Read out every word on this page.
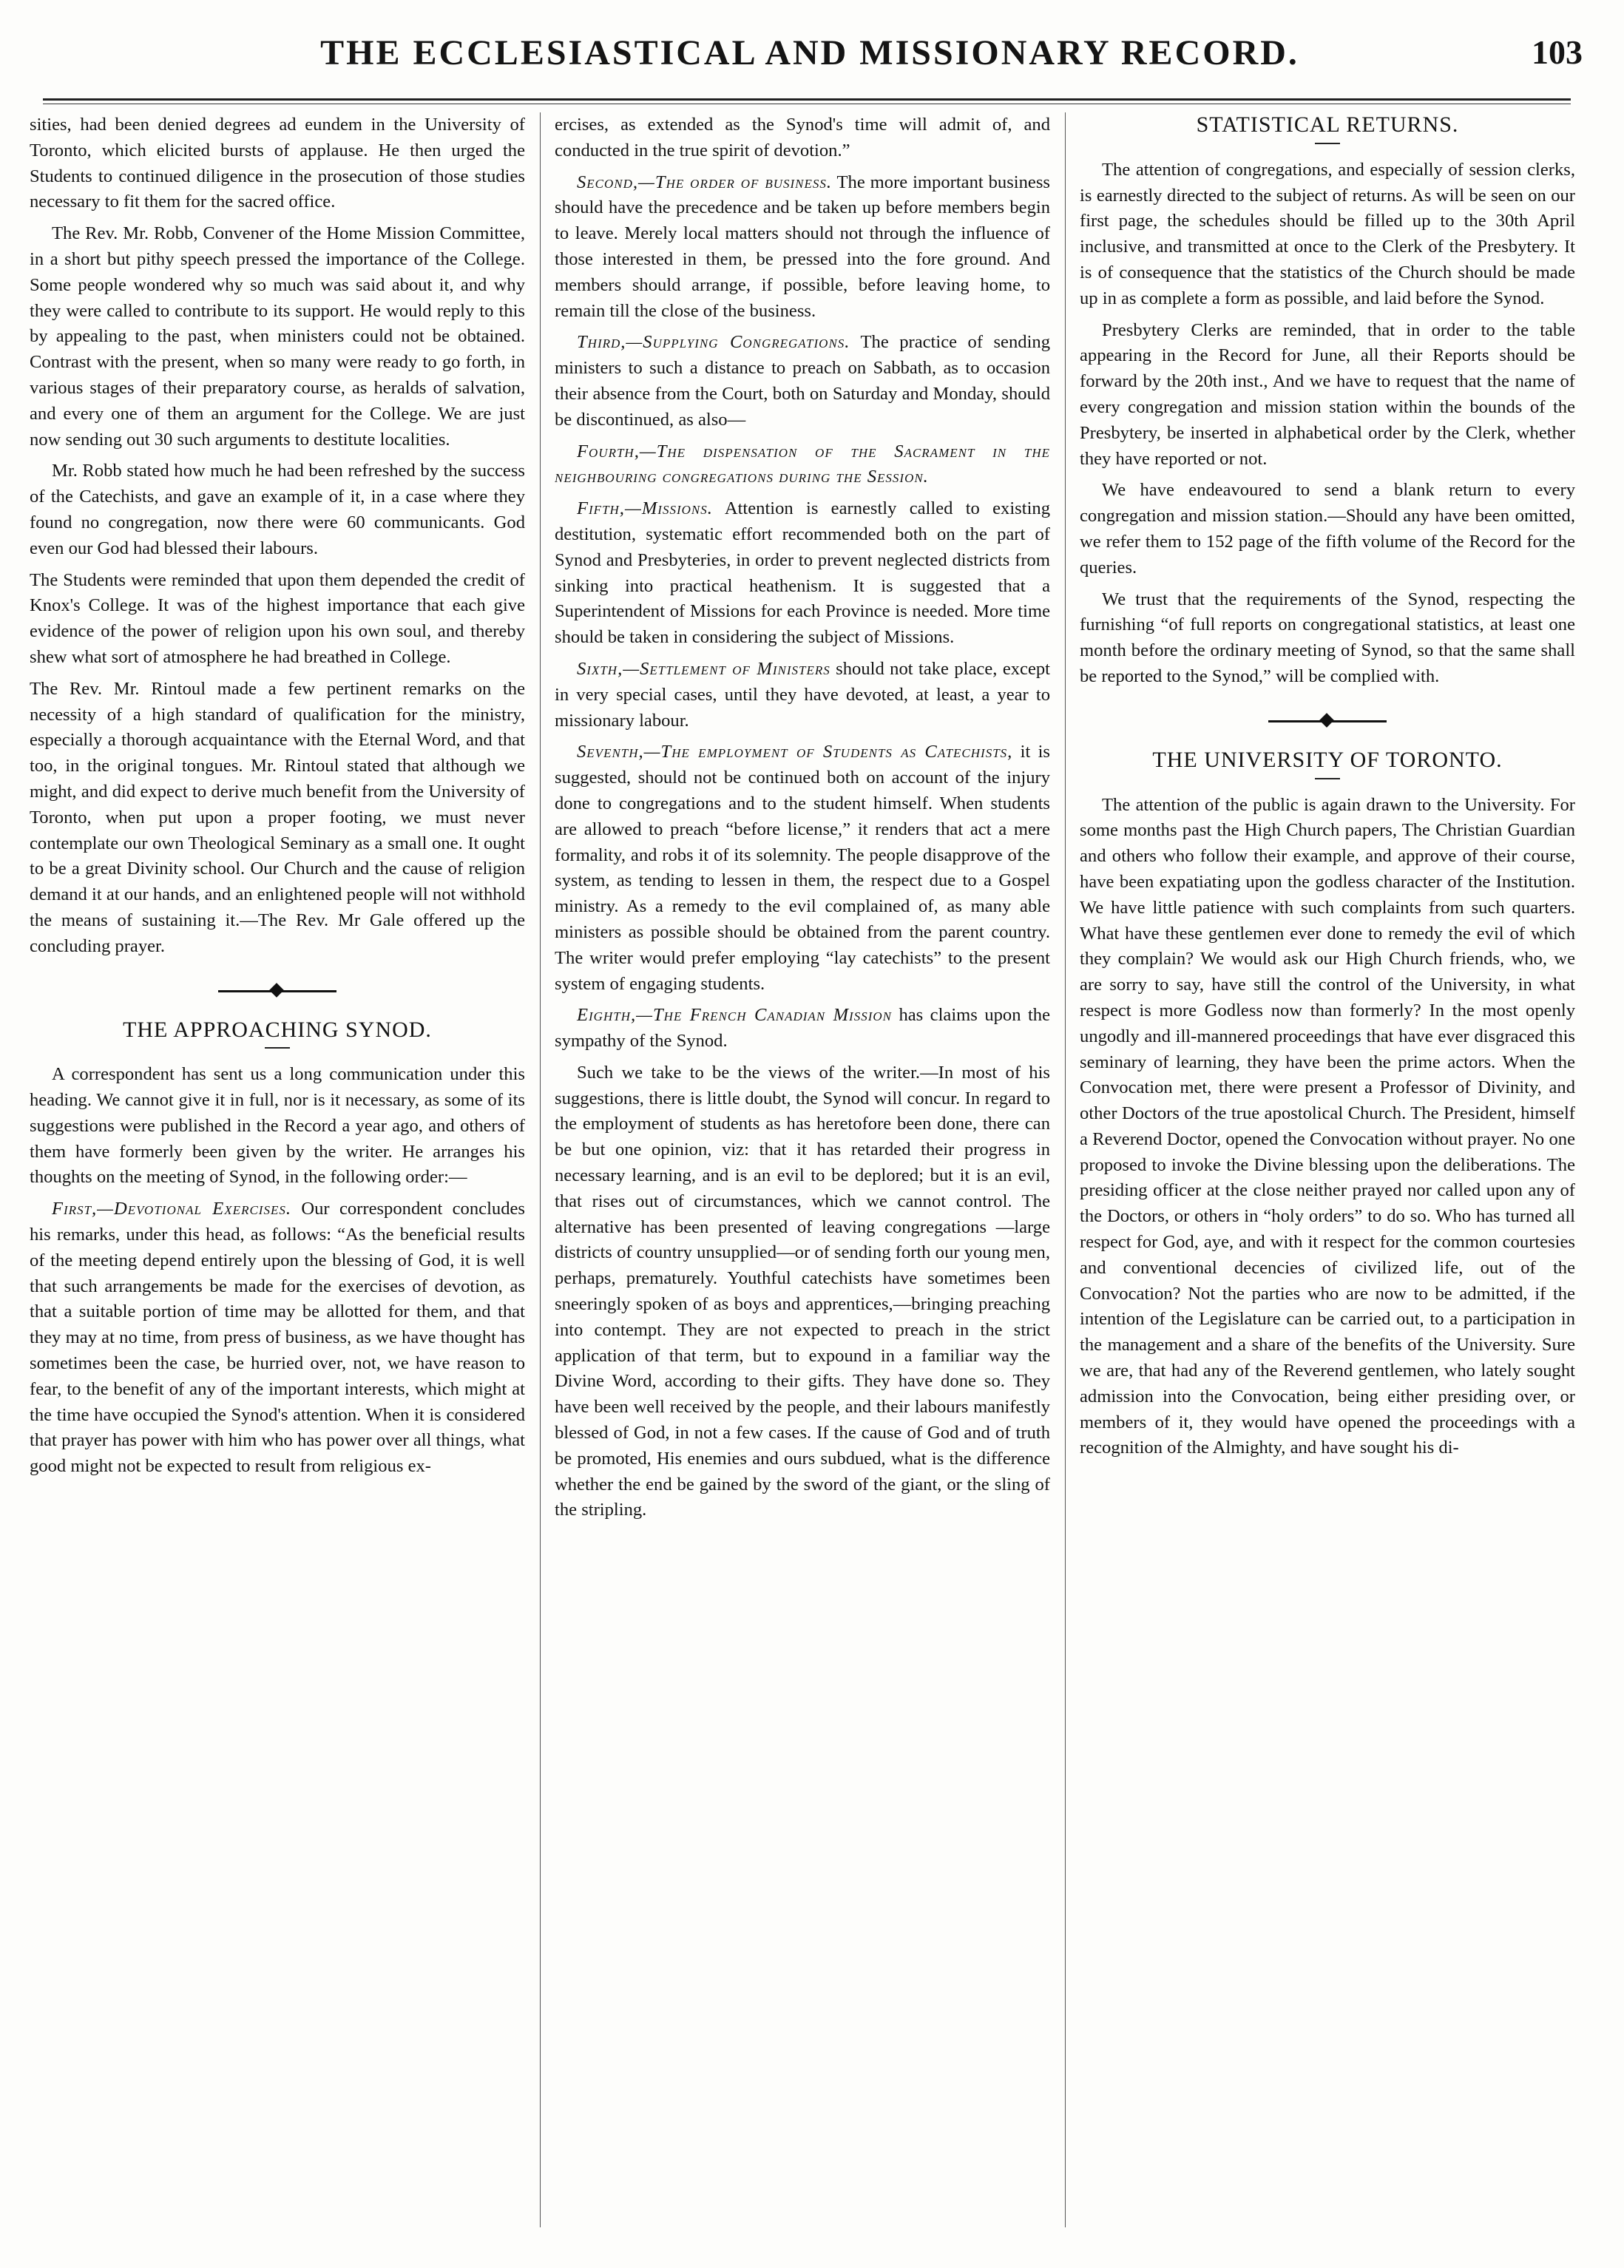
THE ECCLESIASTICAL AND MISSIONARY RECORD.	103

sities, had been denied degrees ad eundem in the University of Toronto, which elicited bursts of applause. He then urged the Students to continued diligence in the prosecution of those studies necessary to fit them for the sacred office.

The Rev. Mr. Robb, Convener of the Home Mission Committee, in a short but pithy speech pressed the importance of the College. Some people wondered why so much was said about it, and why they were called to contribute to its support. He would reply to this by appealing to the past, when ministers could not be obtained. Contrast with the present, when so many were ready to go forth, in various stages of their preparatory course, as heralds of salvation, and every one of them an argument for the College. We are just now sending out 30 such arguments to destitute localities.

Mr. Robb stated how much he had been refreshed by the success of the Catechists, and gave an example of it, in a case where they found no congregation, now there were 60 communicants. God even our God had blessed their labours.

The Students were reminded that upon them depended the credit of Knox's College. It was of the highest importance that each give evidence of the power of religion upon his own soul, and thereby shew what sort of atmosphere he had breathed in College.

The Rev. Mr. Rintoul made a few pertinent remarks on the necessity of a high standard of qualification for the ministry, especially a thorough acquaintance with the Eternal Word, and that too, in the original tongues. Mr. Rintoul stated that although we might, and did expect to derive much benefit from the University of Toronto, when put upon a proper footing, we must never contemplate our own Theological Seminary as a small one. It ought to be a great Divinity school. Our Church and the cause of religion demand it at our hands, and an enlightened people will not withhold the means of sustaining it.—The Rev. Mr Gale offered up the concluding prayer.

THE APPROACHING SYNOD.

A correspondent has sent us a long communication under this heading. We cannot give it in full, nor is it necessary, as some of its suggestions were published in the Record a year ago, and others of them have formerly been given by the writer. He arranges his thoughts on the meeting of Synod, in the following order:—

First,—Devotional Exercises. Our correspondent concludes his remarks, under this head, as follows: “As the beneficial results of the meeting depend entirely upon the blessing of God, it is well that such arrangements be made for the exercises of devotion, as that a suitable portion of time may be allotted for them, and that they may at no time, from press of business, as we have thought has sometimes been the case, be hurried over, not, we have reason to fear, to the benefit of any of the important interests, which might at the time have occupied the Synod's attention. When it is considered that prayer has power with him who has power over all things, what good might not be expected to result from religious ex-

ercises, as extended as the Synod's time will admit of, and conducted in the true spirit of devotion.”

Second,—The order of business. The more important business should have the precedence and be taken up before members begin to leave. Merely local matters should not through the influence of those interested in them, be pressed into the fore ground. And members should arrange, if possible, before leaving home, to remain till the close of the business.

Third,—Supplying Congregations. The practice of sending ministers to such a distance to preach on Sabbath, as to occasion their absence from the Court, both on Saturday and Monday, should be discontinued, as also—

Fourth,—The dispensation of the Sacrament in the neighbouring congregations during the Session.

Fifth,—Missions. Attention is earnestly called to existing destitution, systematic effort recommended both on the part of Synod and Presbyteries, in order to prevent neglected districts from sinking into practical heathenism. It is suggested that a Superintendent of Missions for each Province is needed. More time should be taken in considering the subject of Missions.

Sixth,—Settlement of Ministers should not take place, except in very special cases, until they have devoted, at least, a year to missionary labour.

Seventh,—The employment of Students as Catechists, it is suggested, should not be continued both on account of the injury done to congregations and to the student himself. When students are allowed to preach “before license,” it renders that act a mere formality, and robs it of its solemnity. The people disapprove of the system, as tending to lessen in them, the respect due to a Gospel ministry. As a remedy to the evil complained of, as many able ministers as possible should be obtained from the parent country. The writer would prefer employing “lay catechists” to the present system of engaging students.

Eighth,—The French Canadian Mission has claims upon the sympathy of the Synod.

Such we take to be the views of the writer.—In most of his suggestions, there is little doubt, the Synod will concur. In regard to the employment of students as has heretofore been done, there can be but one opinion, viz: that it has retarded their progress in necessary learning, and is an evil to be deplored; but it is an evil, that rises out of circumstances, which we cannot control. The alternative has been presented of leaving congregations —large districts of country unsupplied—or of sending forth our young men, perhaps, prematurely. Youthful catechists have sometimes been sneeringly spoken of as boys and apprentices,—bringing preaching into contempt. They are not expected to preach in the strict application of that term, but to expound in a familiar way the Divine Word, according to their gifts. They have done so. They have been well received by the people, and their labours manifestly blessed of God, in not a few cases. If the cause of God and of truth be promoted, His enemies and ours subdued, what is the difference whether the end be gained by the sword of the giant, or the sling of the stripling.

STATISTICAL RETURNS.

The attention of congregations, and especially of session clerks, is earnestly directed to the subject of returns. As will be seen on our first page, the schedules should be filled up to the 30th April inclusive, and transmitted at once to the Clerk of the Presbytery. It is of consequence that the statistics of the Church should be made up in as complete a form as possible, and laid before the Synod.

Presbytery Clerks are reminded, that in order to the table appearing in the Record for June, all their Reports should be forward by the 20th inst., And we have to request that the name of every congregation and mission station within the bounds of the Presbytery, be inserted in alphabetical order by the Clerk, whether they have reported or not.

We have endeavoured to send a blank return to every congregation and mission station.—Should any have been omitted, we refer them to 152 page of the fifth volume of the Record for the queries.

We trust that the requirements of the Synod, respecting the furnishing “of full reports on congregational statistics, at least one month before the ordinary meeting of Synod, so that the same shall be reported to the Synod,” will be complied with.

THE UNIVERSITY OF TORONTO.

The attention of the public is again drawn to the University. For some months past the High Church papers, The Christian Guardian and others who follow their example, and approve of their course, have been expatiating upon the godless character of the Institution. We have little patience with such complaints from such quarters. What have these gentlemen ever done to remedy the evil of which they complain? We would ask our High Church friends, who, we are sorry to say, have still the control of the University, in what respect is more Godless now than formerly? In the most openly ungodly and ill-mannered proceedings that have ever disgraced this seminary of learning, they have been the prime actors. When the Convocation met, there were present a Professor of Divinity, and other Doctors of the true apostolical Church. The President, himself a Reverend Doctor, opened the Convocation without prayer. No one proposed to invoke the Divine blessing upon the deliberations. The presiding officer at the close neither prayed nor called upon any of the Doctors, or others in “holy orders” to do so. Who has turned all respect for God, aye, and with it respect for the common courtesies and conventional decencies of civilized life, out of the Convocation? Not the parties who are now to be admitted, if the intention of the Legislature can be carried out, to a participation in the management and a share of the benefits of the University. Sure we are, that had any of the Reverend gentlemen, who lately sought admission into the Convocation, being either presiding over, or members of it, they would have opened the proceedings with a recognition of the Almighty, and have sought his di-
